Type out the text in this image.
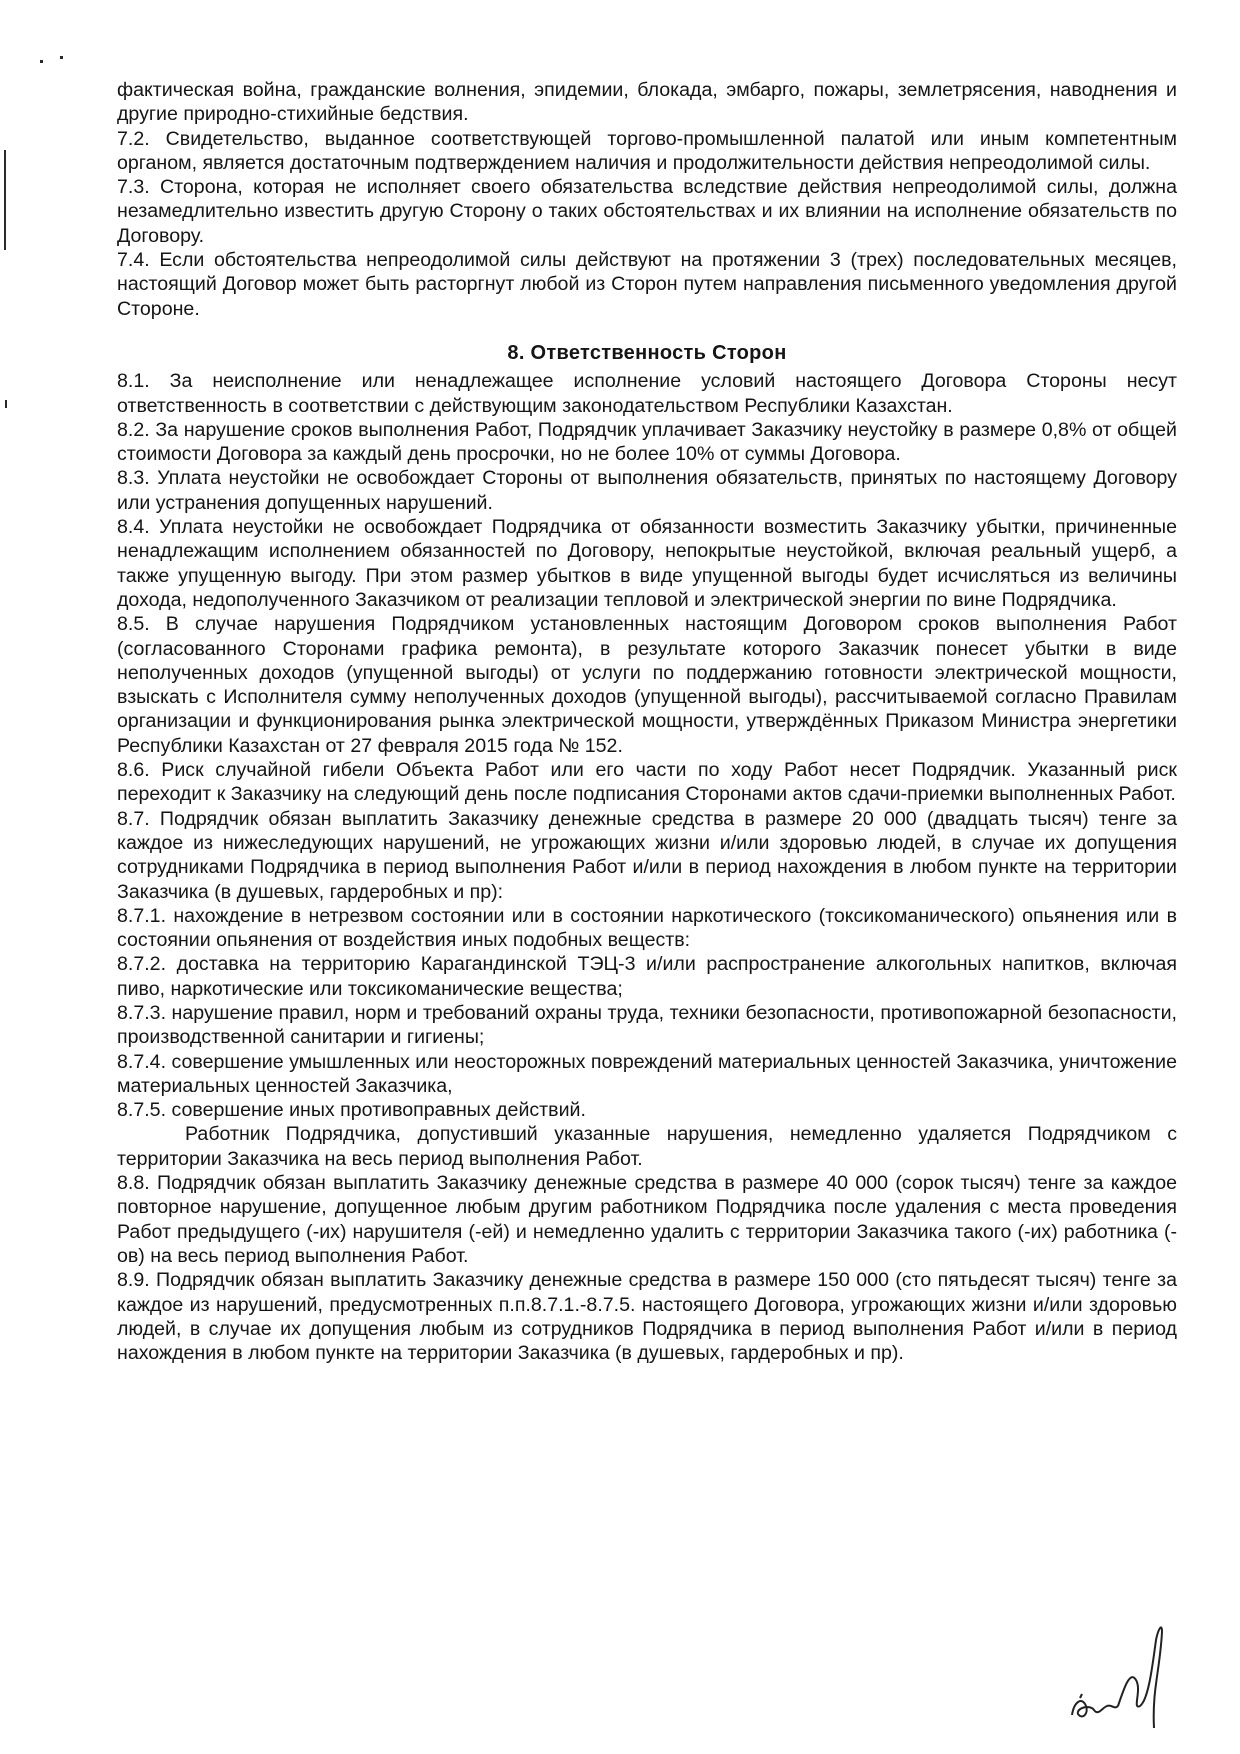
фактическая война, гражданские волнения, эпидемии, блокада, эмбарго, пожары, землетрясения, наводнения и другие природно-стихийные бедствия.

7.2. Свидетельство, выданное соответствующей торгово-промышленной палатой или иным компетентным органом, является достаточным подтверждением наличия и продолжительности действия непреодолимой силы.

7.3. Сторона, которая не исполняет своего обязательства вследствие действия непреодолимой силы, должна незамедлительно известить другую Сторону о таких обстоятельствах и их влиянии на исполнение обязательств по Договору.

7.4. Если обстоятельства непреодолимой силы действуют на протяжении 3 (трех) последовательных месяцев, настоящий Договор может быть расторгнут любой из Сторон путем направления письменного уведомления другой Стороне.

8. Ответственность Сторон

8.1. За неисполнение или ненадлежащее исполнение условий настоящего Договора Стороны несут ответственность в соответствии с действующим законодательством Республики Казахстан.

8.2. За нарушение сроков выполнения Работ, Подрядчик уплачивает Заказчику неустойку в размере 0,8% от общей стоимости Договора за каждый день просрочки, но не более 10% от суммы Договора.

8.3. Уплата неустойки не освобождает Стороны от выполнения обязательств, принятых по настоящему Договору или устранения допущенных нарушений.

8.4. Уплата неустойки не освобождает Подрядчика от обязанности возместить Заказчику убытки, причиненные ненадлежащим исполнением обязанностей по Договору, непокрытые неустойкой, включая реальный ущерб, а также упущенную выгоду. При этом размер убытков в виде упущенной выгоды будет исчисляться из величины дохода, недополученного Заказчиком от реализации тепловой и электрической энергии по вине Подрядчика.

8.5. В случае нарушения Подрядчиком установленных настоящим Договором сроков выполнения Работ (согласованного Сторонами графика ремонта), в результате которого Заказчик понесет убытки в виде неполученных доходов (упущенной выгоды) от услуги по поддержанию готовности электрической мощности, взыскать с Исполнителя сумму неполученных доходов (упущенной выгоды), рассчитываемой согласно Правилам организации и функционирования рынка электрической мощности, утверждённых Приказом Министра энергетики Республики Казахстан от 27 февраля 2015 года № 152.

8.6. Риск случайной гибели Объекта Работ или его части по ходу Работ несет Подрядчик. Указанный риск переходит к Заказчику на следующий день после подписания Сторонами актов сдачи-приемки выполненных Работ.

8.7. Подрядчик обязан выплатить Заказчику денежные средства в размере 20 000 (двадцать тысяч) тенге за каждое из нижеследующих нарушений, не угрожающих жизни и/или здоровью людей, в случае их допущения сотрудниками Подрядчика в период выполнения Работ и/или в период нахождения в любом пункте на территории Заказчика (в душевых, гардеробных и пр):

8.7.1. нахождение в нетрезвом состоянии или в состоянии наркотического (токсикоманического) опьянения или в состоянии опьянения от воздействия иных подобных веществ:

8.7.2. доставка на территорию Карагандинской ТЭЦ-3 и/или распространение алкогольных напитков, включая пиво, наркотические или токсикоманические вещества;

8.7.3. нарушение правил, норм и требований охраны труда, техники безопасности, противопожарной безопасности, производственной санитарии и гигиены;

8.7.4. совершение умышленных или неосторожных повреждений материальных ценностей Заказчика, уничтожение материальных ценностей Заказчика,

8.7.5. совершение иных противоправных действий.

Работник Подрядчика, допустивший указанные нарушения, немедленно удаляется Подрядчиком с территории Заказчика на весь период выполнения Работ.

8.8. Подрядчик обязан выплатить Заказчику денежные средства в размере 40 000 (сорок тысяч) тенге за каждое повторное нарушение, допущенное любым другим работником Подрядчика после удаления с места проведения Работ предыдущего (-их) нарушителя (-ей) и немедленно удалить с территории Заказчика такого (-их) работника (-ов) на весь период выполнения Работ.

8.9. Подрядчик обязан выплатить Заказчику денежные средства в размере 150 000 (сто пятьдесят тысяч) тенге за каждое из нарушений, предусмотренных п.п.8.7.1.-8.7.5. настоящего Договора, угрожающих жизни и/или здоровью людей, в случае их допущения любым из сотрудников Подрядчика в период выполнения Работ и/или в период нахождения в любом пункте на территории Заказчика (в душевых, гардеробных и пр).
